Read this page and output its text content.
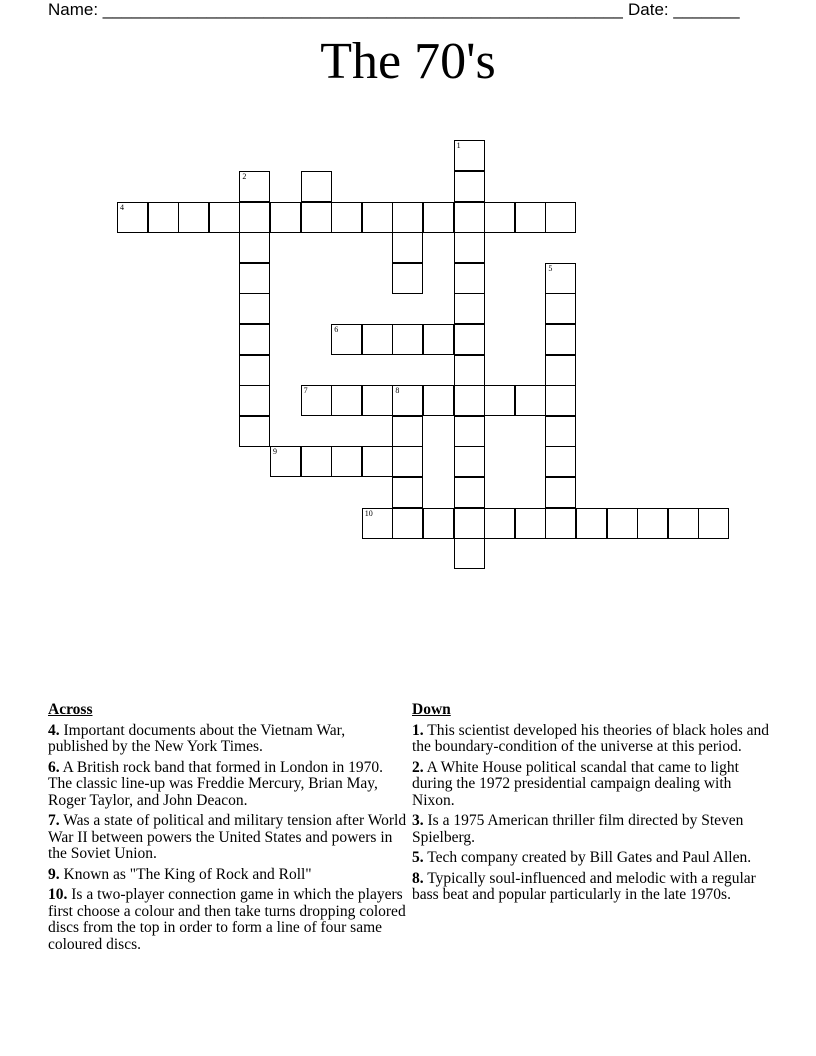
Name: _______________________________________________________ Date: _______
The 70's
1
2
4
5
6
7	8
9
10
Across
4. Important documents about the Vietnam War, published by the New York Times.
6. A British rock band that formed in London in 1970. The classic line-up was Freddie Mercury, Brian May, Roger Taylor, and John Deacon.
7. Was a state of political and military tension after World War II between powers the United States and powers in the Soviet Union.
9. Known as "The King of Rock and Roll"
10. Is a two-player connection game in which the players first choose a colour and then take turns dropping colored discs from the top in order to form a line of four same coloured discs.
Down
1. This scientist developed his theories of black holes and the boundary-condition of the universe at this period.
2. A White House political scandal that came to light during the 1972 presidential campaign dealing with Nixon.
3. Is a 1975 American thriller film directed by Steven Spielberg.
5. Tech company created by Bill Gates and Paul Allen.
8. Typically soul-influenced and melodic with a regular bass beat and popular particularly in the late 1970s.
